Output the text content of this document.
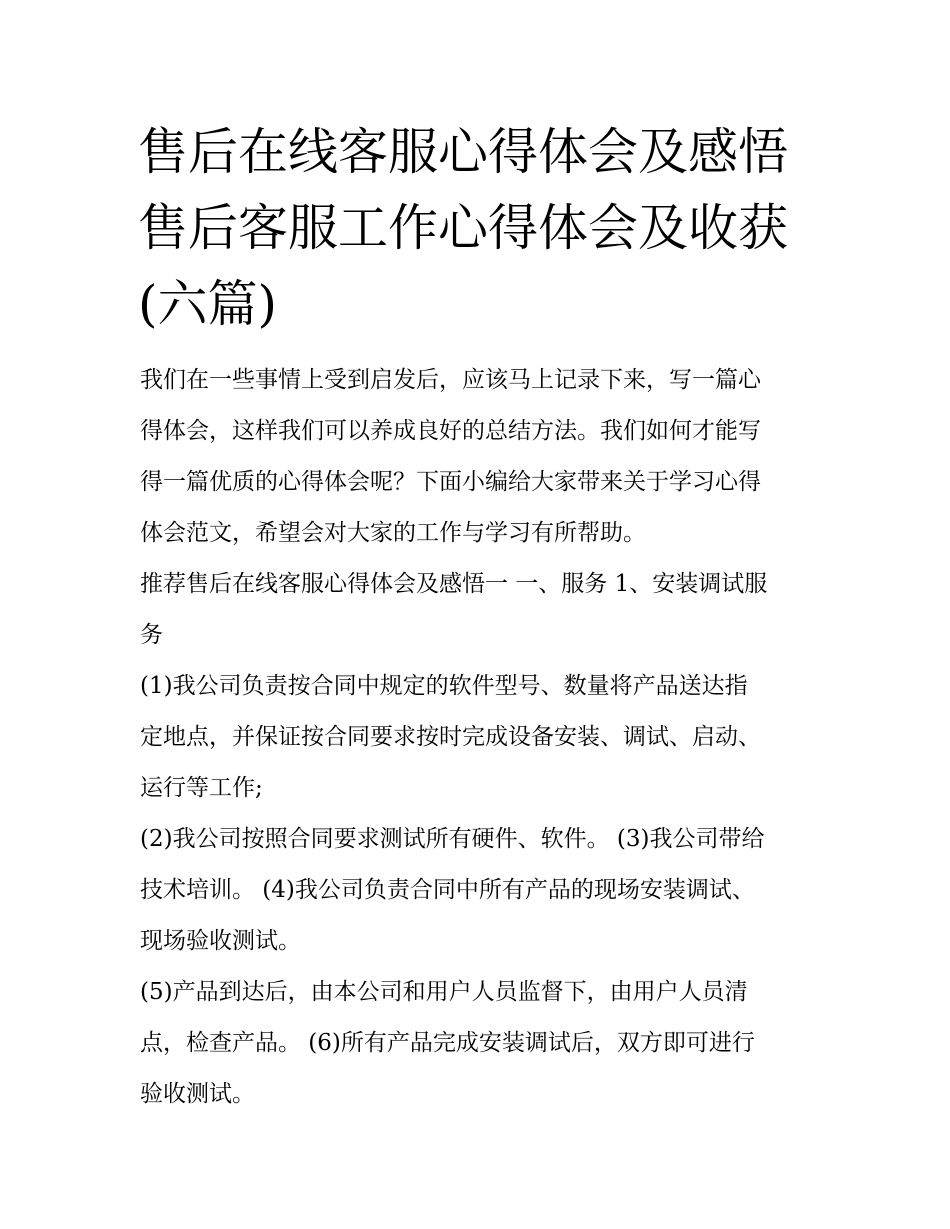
售后在线客服心得体会及感悟
售后客服工作心得体会及收获
(六篇)

我们在一些事情上受到启发后，应该马上记录下来，写一篇心
得体会，这样我们可以养成良好的总结方法。我们如何才能写
得一篇优质的心得体会呢？下面小编给大家带来关于学习心得
体会范文，希望会对大家的工作与学习有所帮助。

推荐售后在线客服心得体会及感悟一 一、服务 1、安装调试服
务

(1)我公司负责按合同中规定的软件型号、数量将产品送达指
定地点，并保证按合同要求按时完成设备安装、调试、启动、
运行等工作;

(2)我公司按照合同要求测试所有硬件、软件。 (3)我公司带给
技术培训。 (4)我公司负责合同中所有产品的现场安装调试、
现场验收测试。

(5)产品到达后，由本公司和用户人员监督下，由用户人员清
点，检查产品。 (6)所有产品完成安装调试后，双方即可进行
验收测试。
